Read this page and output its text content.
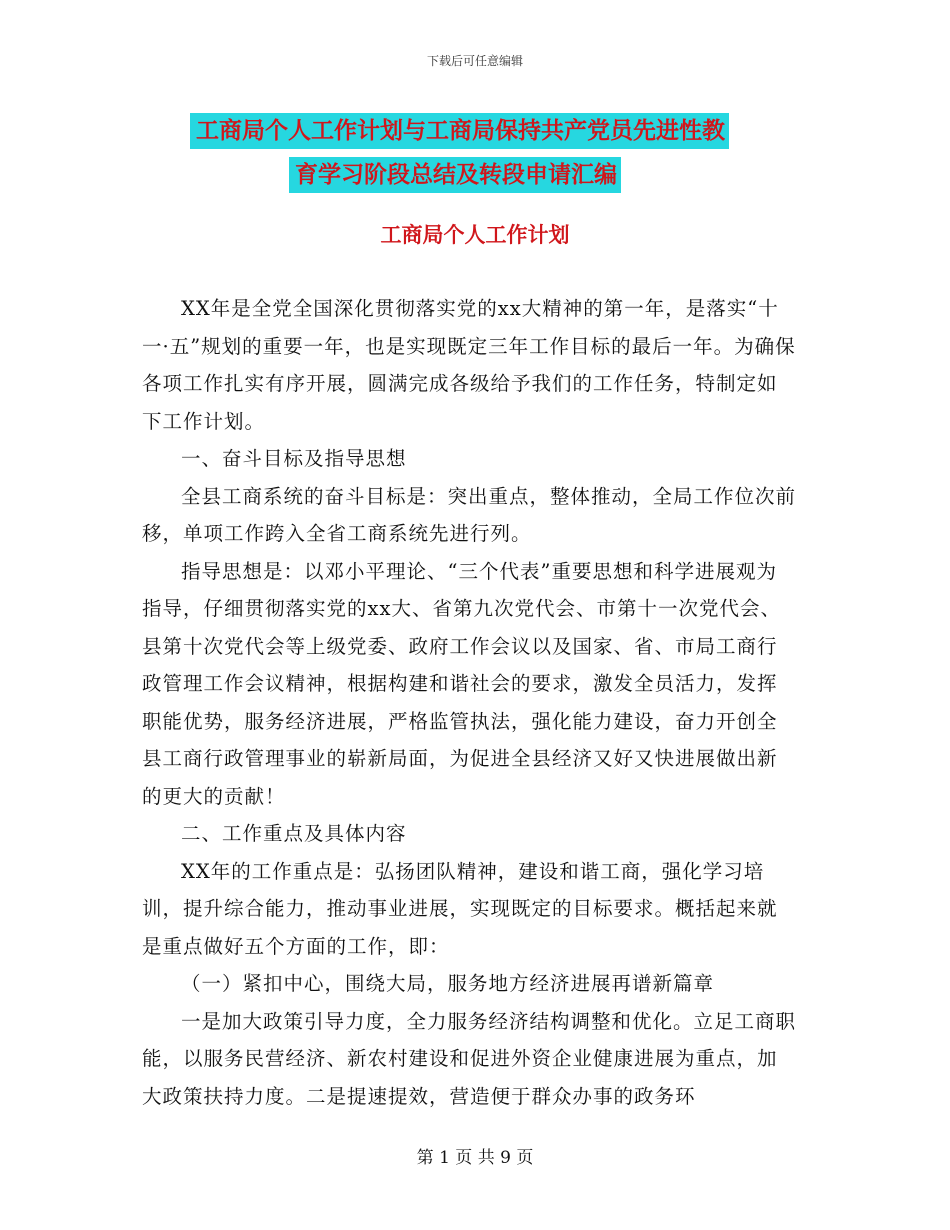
下载后可任意编辑
工商局个人工作计划与工商局保持共产党员先进性教
育学习阶段总结及转段申请汇编
工商局个人工作计划

XX年是全党全国深化贯彻落实党的xx大精神的第一年，是落实“十一·五”规划的重要一年，也是实现既定三年工作目标的最后一年。为确保各项工作扎实有序开展，圆满完成各级给予我们的工作任务，特制定如下工作计划。

一、奋斗目标及指导思想

全县工商系统的奋斗目标是：突出重点，整体推动，全局工作位次前移，单项工作跨入全省工商系统先进行列。

指导思想是：以邓小平理论、“三个代表”重要思想和科学进展观为指导，仔细贯彻落实党的xx大、省第九次党代会、市第十一次党代会、县第十次党代会等上级党委、政府工作会议以及国家、省、市局工商行政管理工作会议精神，根据构建和谐社会的要求，激发全员活力，发挥职能优势，服务经济进展，严格监管执法，强化能力建设，奋力开创全县工商行政管理事业的崭新局面，为促进全县经济又好又快进展做出新的更大的贡献！

二、工作重点及具体内容

XX年的工作重点是：弘扬团队精神，建设和谐工商，强化学习培训，提升综合能力，推动事业进展，实现既定的目标要求。概括起来就是重点做好五个方面的工作，即：

（一）紧扣中心，围绕大局，服务地方经济进展再谱新篇章

一是加大政策引导力度，全力服务经济结构调整和优化。立足工商职能，以服务民营经济、新农村建设和促进外资企业健康进展为重点，加大政策扶持力度。二是提速提效，营造便于群众办事的政务环

第 1 页 共 9 页
